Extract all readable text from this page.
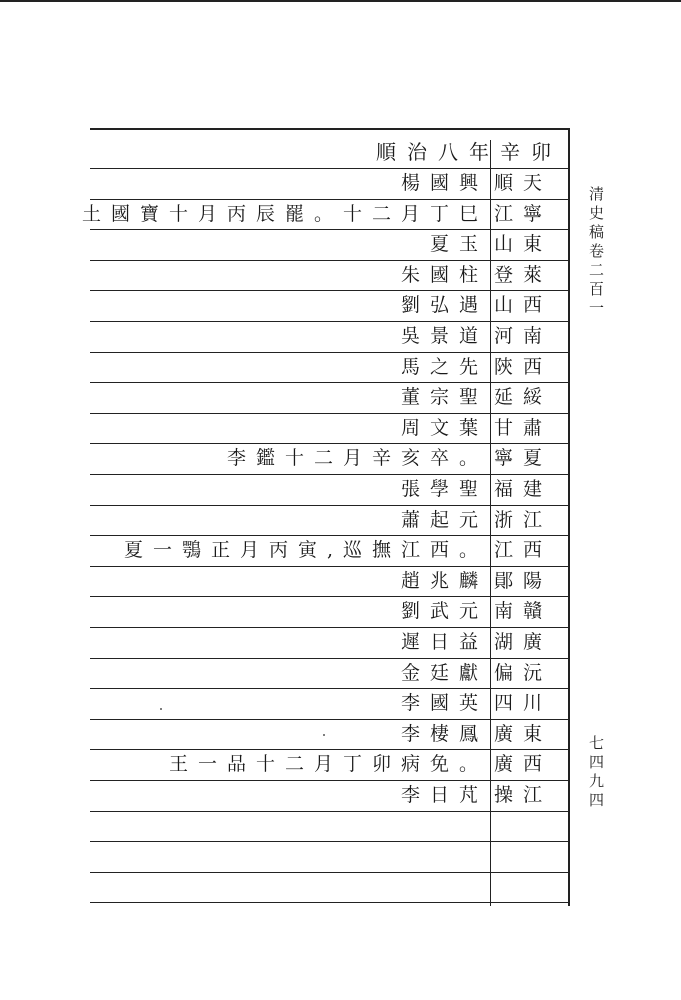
順治八年辛卯
順天
楊國興
江寧
土國寶十月丙辰罷。十二月丁巳
山東
夏玉
登萊
朱國柱
山西
劉弘遇
河南
吳景道
陝西
馬之先
延綏
董宗聖
甘肅
周文葉
寧夏
李鑑十二月辛亥卒。
福建
張學聖
浙江
蕭起元
江西
夏一鶚正月丙寅,巡撫江西。
鄖陽
趙兆麟
南贛
劉武元
湖廣
遲日益
偏沅
金廷獻
四川
李國英
廣東
李棲鳳
廣西
王一品十二月丁卯病免。
操江
李日芃
清史稿卷二百一
七四九四
